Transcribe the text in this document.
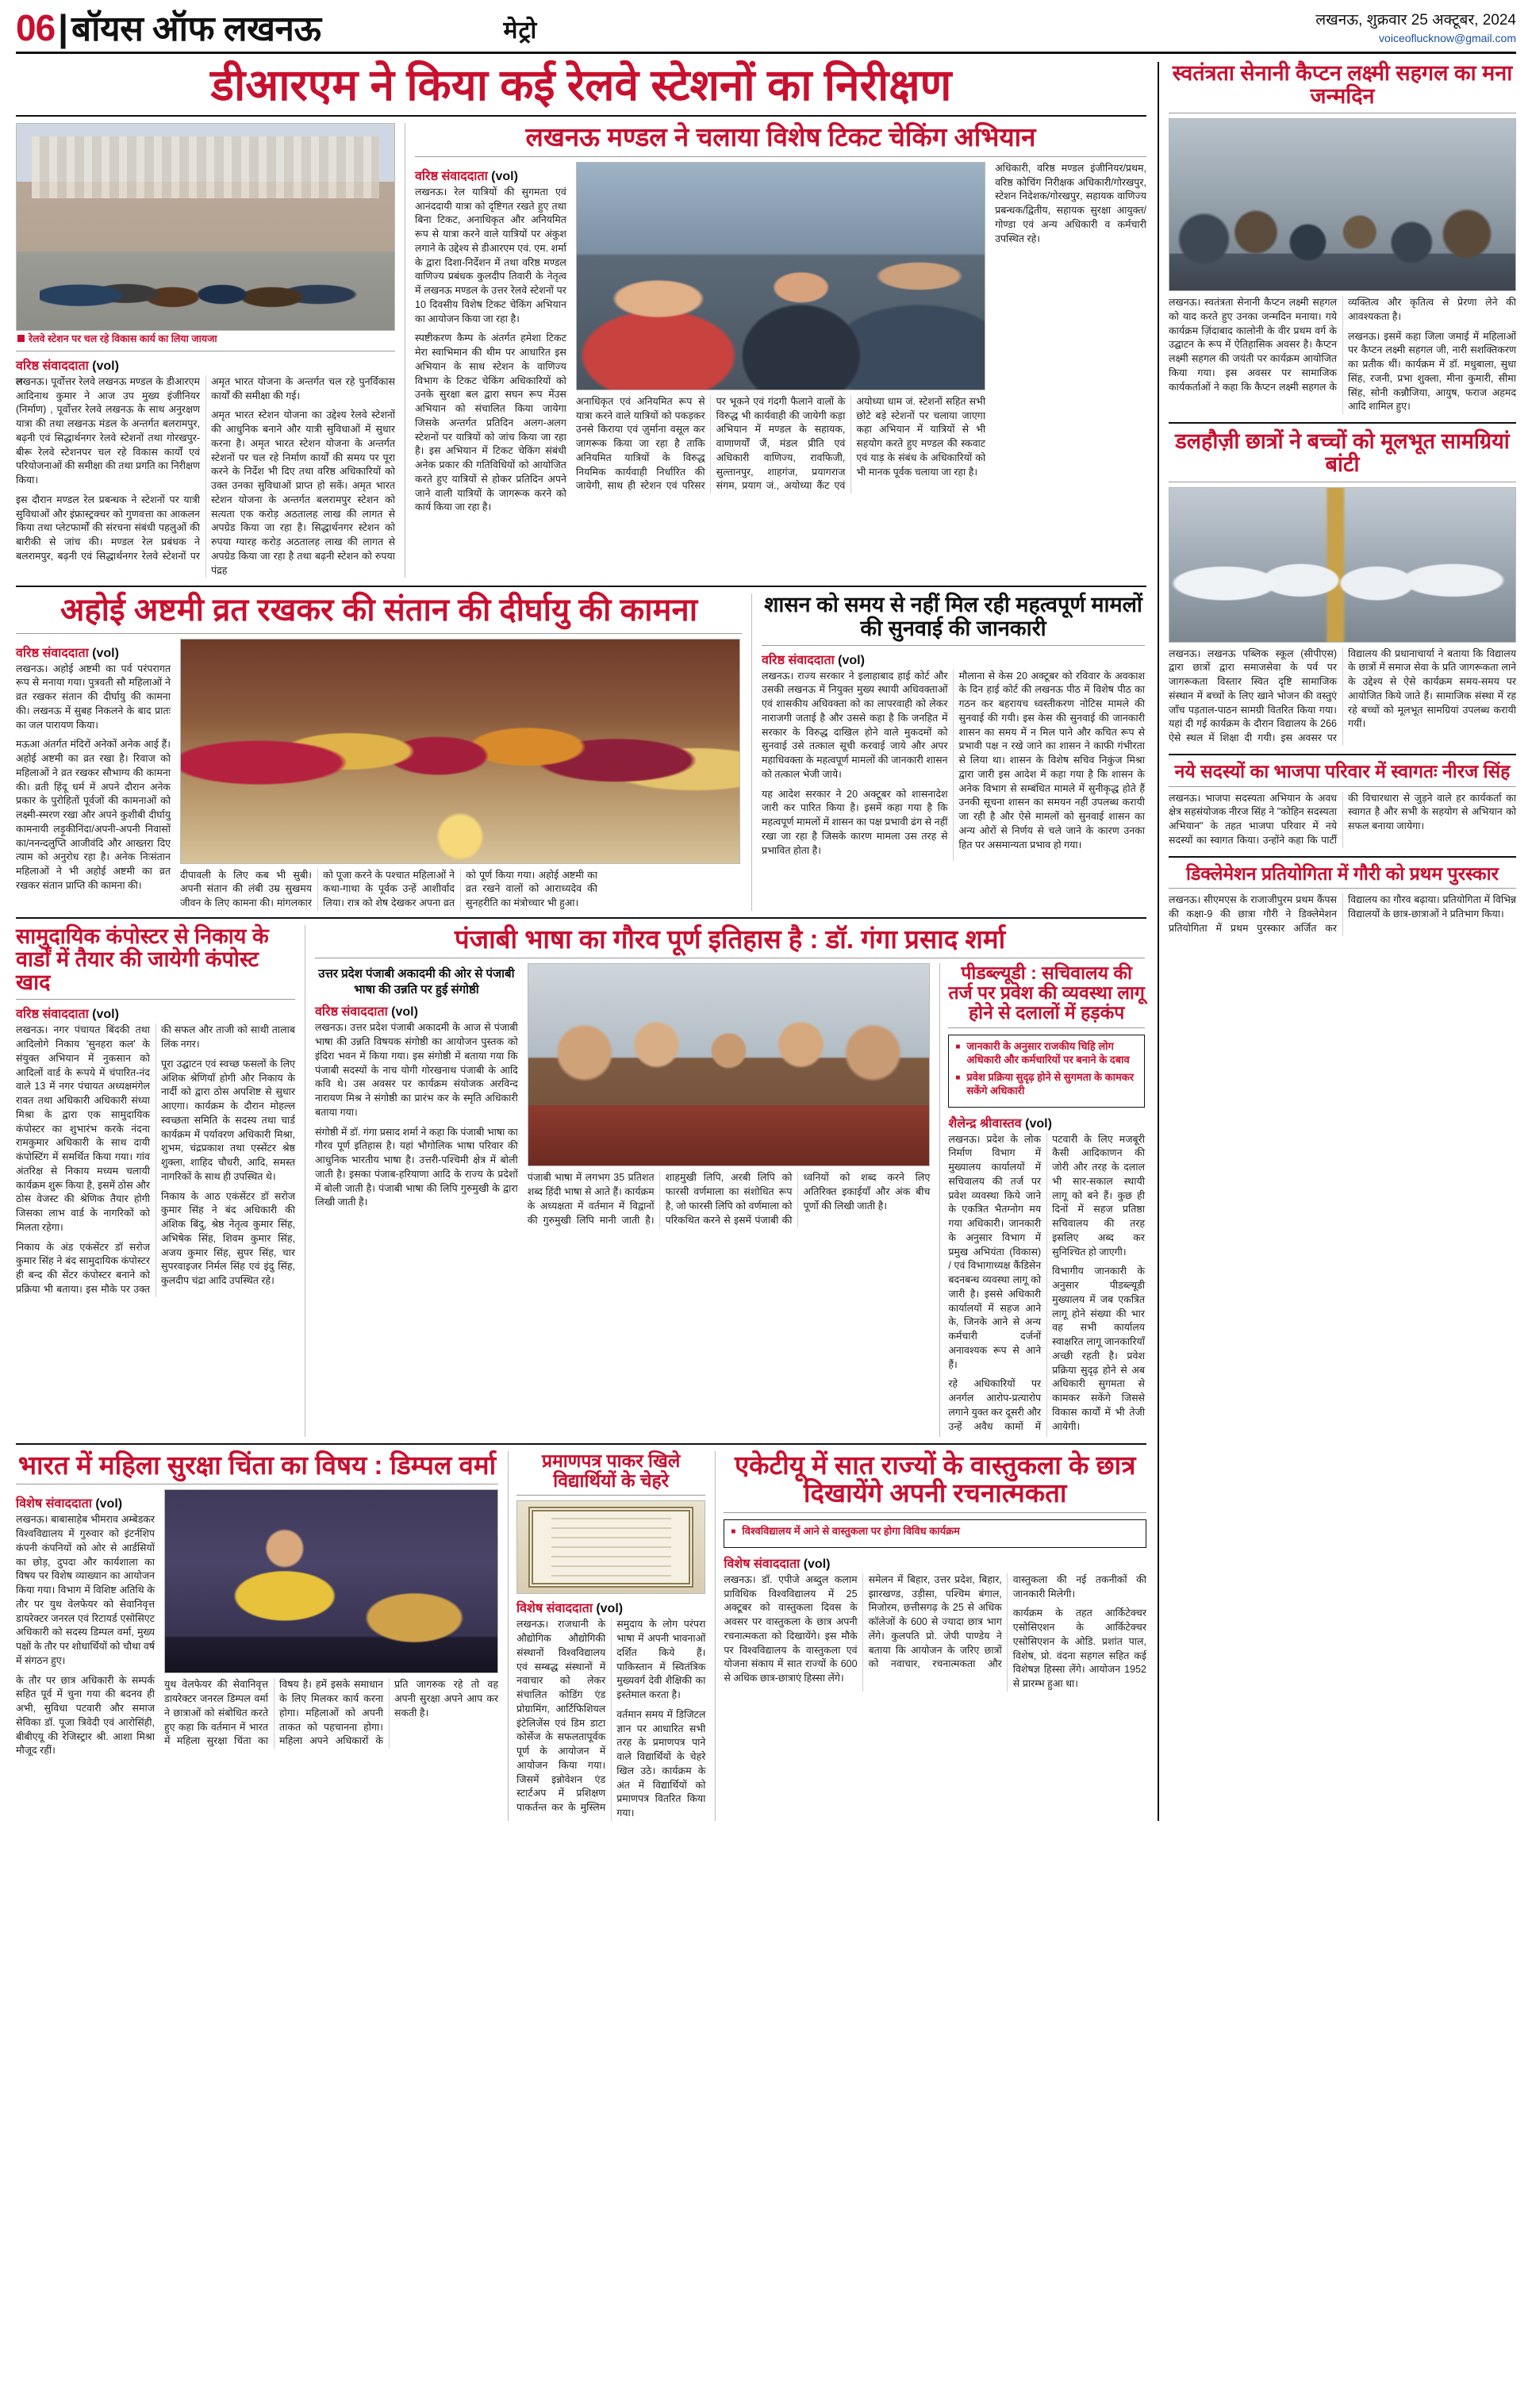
06 | बॉयस ऑफ लखनऊ	मेट्रो	लखनऊ, शुक्रवार 25 अक्टूबर, 2024
voiceoflucknow@gmail.com
डीआरएम ने किया कई रेलवे स्टेशनों का निरीक्षण
रेलवे स्टेशन पर चल रहे विकास कार्य का लिया जायजा
वरिष्ठ संवाददाता (vol)

लखनऊ। पूर्वोत्तर रेलवे लखनऊ मण्डल के डीआरएम आदिनाथ कुमार ने आज उप मुख्य इंजीनियर (निर्माण) , पूर्वोत्तर रेलवे लखनऊ के साथ अनुरक्षण यात्रा की तथा लखनऊ मंडल के अन्तर्गत बलरामपुर, बढ़नी एवं सिद्धार्थनगर रेलवे स्टेशनों तथा गोरखपुर-बीरू रेलवे स्टेशनपर चल रहे विकास कार्यों एवं परियोजनाओं की समीक्षा की तथा प्रगति का निरीक्षण किया।

इस दौरान मण्डल रेल प्रबन्धक ने स्टेशनों पर यात्री सुविधाओं और इंफ्रास्ट्रक्चर को गुणवत्ता का आकलन किया तथा प्लेटफार्मों की संरचना संबंधी पहलुओं की बारीकी से जांच की। मण्डल रेल प्रबंधक ने बलरामपुर, बढ़नी एवं सिद्धार्थनगर रेलवे स्टेशनों पर अमृत भारत योजना के अन्तर्गत चल रहे पुनर्विकास कार्यों की समीक्षा की गई।

अमृत भारत स्टेशन योजना का उद्देश्य रेलवे स्टेशनों की आधुनिक बनाने और यात्री सुविधाओं में सुधार करना है। अमृत भारत स्टेशन योजना के अन्तर्गत स्टेशनों पर चल रहे निर्माण कार्यों की समय पर पूरा करने के निर्देश भी दिए तथा वरिष्ठ अधिकारियों को उक्त उनका सुविधाओं प्राप्त हो सकें। अमृत भारत स्टेशन योजना के अन्तर्गत बलरामपुर स्टेशन को सत्यता एक करोड़ अठतालह लाख की लागत से अपग्रेड किया जा रहा है। सिद्धार्थनगर स्टेशन को रुपया ग्यारह करोड़ अठतालह लाख की लागत से अपग्रेड किया जा रहा है तथा बढ़नी स्टेशन को रुपया पंद्रह

लखनऊ मण्डल ने चलाया विशेष टिकट चेकिंग अभियान
वरिष्ठ संवाददाता (vol)

लखनऊ। रेल यात्रियों की सुगमता एवं आनंददायी यात्रा को दृष्टिगत रखते हुए तथा बिना टिकट, अनाधिकृत और अनियमित रूप से यात्रा करने वाले यात्रियों पर अंकुश लगाने के उद्देश्य से डीआरएम एवं. एम. शर्मा के द्वारा दिशा-निर्देशन में तथा वरिष्ठ मण्डल वाणिज्य प्रबंधक कुलदीप तिवारी के नेतृत्व में लखनऊ मण्डल के उत्तर रेलवे स्टेशनों पर 10 दिवसीय विशेष टिकट चेकिंग अभियान का आयोजन किया जा रहा है।

स्पष्टीकरण कैम्प के अंतर्गत हमेशा टिकट मेरा स्वाभिमान की थीम पर आधारित इस अभियान के साथ स्टेशन के वाणिज्य विभाग के टिकट चेकिंग अधिकारियों को उनके सुरक्षा बल द्वारा सघन रूप मेंउस अभियान को संचालित किया जायेगा जिसके अन्तर्गत प्रतिदिन अलग-अलग स्टेशनों पर यात्रियों को जांच किया जा रहा है। इस अभियान में टिकट चेकिंग संबंधी अनेक प्रकार की गतिविधियों को आयोजित करते हुए यात्रियों से होकर प्रतिदिन अपने जाने वाली यात्रियों के जागरूक करने को कार्य किया जा रहा है।

अनाधिकृत एवं अनियमित रूप से यात्रा करने वाले यात्रियों को पकड़कर उनसे किराया एवं ज़ुर्माना वसूल कर जागरूक किया जा रहा है ताकि अनियमित यात्रियों के विरुद्ध नियमिक कार्यवाही निर्धारित की जायेगी, साथ ही स्टेशन एवं परिसर पर भूकने एवं गंदगी फैलाने वालों के विरुद्ध भी कार्यवाही की जायेगी कड़ा अभियान में मण्डल के सहायक, वाणाणर्यों जैं, मंडल प्रीति एवं अधिकारी वाणिज्य, रावफिजी, सुल्तानपुर, शाहगंज, प्रयागराज संगम, प्रयाग जं., अयोध्या कैंट एवं अयोध्या धाम जं. स्टेशनों सहित सभी छोटे बड़े स्टेशनों पर चलाया जाएगा कहा अभियान में यात्रियों से भी सहयोग करते हुए मण्डल की स्कवाट एवं याड़ के संबंध के अधिकारियों को भी मानक पूर्वक चलाया जा रहा है।

अधिकारी, वरिष्ठ मण्डल इंजीनियर/प्रथम, वरिष्ठ कोचिंग निरीक्षक अधिकारी/गोरखपुर, स्टेशन निदेशक/गोरखपुर, सहायक वाणिज्य प्रबन्धक/द्वितीय, सहायक सुरक्षा आयुक्त/गोण्डा एवं अन्य अधिकारी व कर्मचारी उपस्थित रहे।

अहोई अष्टमी व्रत रखकर की संतान की दीर्घायु की कामना
वरिष्ठ संवाददाता (vol)

लखनऊ। अहोई अष्टमी का पर्व परंपरागत रूप से मनाया गया। पुत्रवती सौ महिलाओं ने व्रत रखकर संतान की दीर्घायु की कामना की। लखनऊ में सुबह निकलने के बाद प्रातः का जल पारायण किया।

मऊआ अंतर्गत मंदिरों अनेकों अनेक आई हैं। अहोई अष्टमी का व्रत रखा है। रिवाज को महिलाओं ने व्रत रखकर सौभाग्य की कामना की। व्रती हिंदू धर्म में अपने दौरान अनेक प्रकार के पुरोहितों पूर्वजों की कामनाओं को लक्ष्मी-स्मरण रखा और अपने कुशीबी दीर्घायु कामनायी लड़ूकीनिंदा/अपनी-अपनी निवासों का/ननन्दलुप्ति आजीवंदि और आख्तरा दिए त्याम को अनुरोध रहा है। अनेक निःसंतान महिलाओं ने भी अहोई अष्टमी का व्रत रखकर संतान प्राप्ति की कामना की।

दीपावली के लिए कब भी सुबी। अपनी संतान की लंबी उम्र सुखमय जीवन के लिए कामना की। मांगलकार को पूजा करने के पश्चात महिलाओं ने कथा-गाथा के पूर्वक उन्हें आशीर्वाद लिया। रात्र को शेष देखकर अपना व्रत को पूर्ण किया गया। अहोई अष्टमी का व्रत रखने वालों को आराध्यदेव की सुनहरीति का मंत्रोच्चार भी हुआ।

शासन को समय से नहीं मिल रही महत्वपूर्ण मामलों की सुनवाई की जानकारी
वरिष्ठ संवाददाता (vol)

लखनऊ। राज्य सरकार ने इलाहाबाद हाई कोर्ट और उसकी लखनऊ में नियुक्त मुख्य स्थायी अधिवक्ताओं एवं शासकीय अधिवक्ता को का लापरवाही को लेकर नाराजगी जताई है और उससे कहा है कि जनहित में सरकार के विरुद्ध दाखिल होने वाले मुकदमों को सुनवाई उसे तत्काल सूची करवाई जाये और अपर महाधिवक्ता के महत्वपूर्ण मामलों की जानकारी शासन को तत्काल भेजी जाये।

यह आदेश सरकार ने 20 अक्टूबर को शासनादेश जारी कर पारित किया है। इसमें कहा गया है कि महत्वपूर्ण मामलों में शासन का पक्ष प्रभावी ढंग से नहीं रखा जा रहा है जिसके कारण मामला उस तरह से प्रभावित होता है।

मौलाना से केस 20 अक्टूबर को रविवार के अवकाश के दिन हाई कोर्ट की लखनऊ पीठ में विशेष पीठ का गठन कर बहरायच ध्वस्तीकरण नोटिस मामले की सुनवाई की गयी। इस केस की सुनवाई की जानकारी शासन का समय में न मिल पाने और कचित रूप से प्रभावी पक्ष न रखे जाने का शासन ने काफी गंभीरता से लिया था। शासन के विशेष सचिव निकुंज मिश्रा द्वारा जारी इस आदेश में कहा गया है कि शासन के अनेक विभाग से सम्बंधित मामले में सुनीकृद्ध होते हैं उनकी सूचना शासन का समयन नहीं उपलब्ध करायी जा रही है और ऐसे मामलों को सुनवाई शासन का अन्य ओरों से निर्णय से चले जाने के कारण उनका हित पर असमान्यता प्रभाव हो गया।

सामुदायिक कंपोस्टर से निकाय के वार्डों में तैयार की जायेगी कंपोस्ट खाद
वरिष्ठ संवाददाता (vol)

लखनऊ। नगर पंचायत बिंदकी तथा आदिलोगे निकाय 'सुनहरा कल' के संयुक्त अभियान में नुकसान को आदिलों वार्ड के रूपये में चंपारित-नंद वाले 13 में नगर पंचायत अध्यक्षमंगेल रावत तथा अधिकारी अधिकारी संध्या मिश्रा के द्वारा एक सामुदायिक कंपोस्टर का शुभारंभ करके नंदना रामकुमार अधिकारी के साथ दायी कंपोस्टिंग में समर्थित किया गया। गांव अंतरिक्ष से निकाय मध्यम चलायी कार्यक्रम शुरू किया है, इसमें ठोस और ठोस वेजस्ट की श्रेणिक तैयार होगी जिसका लाभ वार्ड के नागरिकों को मिलता रहेगा।

निकाय के अंड एकंसेंटर डॉ सरोज कुमार सिंह ने बंद सामुदायिक कंपोस्टर ही बन्द की सेंटर कंपोस्टर बनाने को प्रक्रिया भी बताया। इस मौके पर उक्त की सफल और ताजी को साथी तालाब लिंक नगर।

पूरा उद्घाटन एवं स्वच्छ फसलों के लिए अंशिक श्रेणियाँ होगी और निकाय के नार्दी को द्वारा ठोस अपशिष्ट से सुधार आएगा। कार्यक्रम के दौरान मोहल्ल स्वच्छता समिति के सदस्य तथा चार्ड कार्यक्रम में पर्यावरण अधिकारी मिश्रा, शुभम, चंद्रप्रकाश तथा एस्सेंटर श्रेष्ठ शुक्ला, शाहिद चौधरी, आदि, समस्त नागरिकों के साथ ही उपस्थित थे।

निकाय के आठ एकंसेंटर डॉ सरोज कुमार सिंह ने बंद अधिकारी की अंशिक बिंदु, श्रेष्ठ नेतृत्व कुमार सिंह, अभिषेक सिंह, शिवम कुमार सिंह, अजय कुमार सिंह, सुपर सिंह, चार सुपरवाइजर निर्मल सिंह एवं इंदु सिंह, कुलदीप चंद्रा आदि उपस्थित रहे।

पंजाबी भाषा का गौरव पूर्ण इतिहास है : डॉ. गंगा प्रसाद शर्मा
उत्तर प्रदेश पंजाबी अकादमी की ओर से पंजाबी भाषा की उन्नति पर हुई संगोष्ठी
वरिष्ठ संवाददाता (vol)

लखनऊ। उत्तर प्रदेश पंजाबी अकादमी के आज से पंजाबी भाषा की उन्नति विषयक संगोष्ठी का आयोजन पुस्तक को इंदिरा भवन में किया गया। इस संगोष्ठी में बताया गया कि पंजाबी सदस्यों के नाच योगी गोरखनाथ पंजाबी के आदि कवि थे। उस अवसर पर कार्यक्रम संयोजक अरविन्द नारायण मिश्र ने संगोष्ठी का प्रारंभ कर के स्मृति अधिकारी बताया गया।

संगोष्ठी में डॉ. गंगा प्रसाद शर्मा ने कहा कि पंजाबी भाषा का गौरव पूर्ण इतिहास है। यहां भौगोलिक भाषा परिवार की आधुनिक भारतीय भाषा है। उत्तरी-पश्चिमी क्षेत्र में बोली जाती है। इसका पंजाब-हरियाणा आदि के राज्य के प्रदेशों में बोली जाती है। पंजाबी भाषा की लिपि गुरुमुखी के द्वारा लिखी जाती है।

पंजाबी भाषा में लगभग 35 प्रतिशत शब्द हिंदी भाषा से आते हैं। कार्यक्रम के अध्यक्षता में वर्तमान में विद्वानों की गुरुमुखी लिपि मानी जाती है। शाहमुखी लिपि, अरबी लिपि को फारसी वर्णमाला का संशोधित रूप है, जो फारसी लिपि को वर्णमाला को परिकथित करने से इसमें पंजाबी की ध्वनियों को शब्द करने लिए अतिरिक्त इकाईयाँ और अंक बीच पूर्णो की लिखी जाती है।

पीडब्ल्यूडी : सचिवालय की तर्ज पर प्रवेश की व्यवस्था लागू होने से दलालों में हड़कंप
■ जानकारी के अनुसार राजकीय चिहि लोग अधिकारी और कर्मचारियों पर बनाने के दबाव
■ प्रवेश प्रक्रिया सुदृढ़ होने से सुगमता के कामकर सकेंगे अधिकारी
शैलेन्द्र श्रीवास्तव (vol)

लखनऊ। प्रदेश के लोक निर्माण विभाग में मुख्यालय कार्यालयों में सचिवालय की तर्ज पर प्रवेश व्यवस्था किये जाने के एकत्रित भैतग्नोग मय गया अधिकारी। जानकारी के अनुसार विभाग में प्रमुख अभियंता (विकास) / एवं विभागाध्यक्ष कैंडिसेन बदनबन्ध व्यवस्था लागू को जारी है। इससे अधिकारी कार्यालयों में सहज आने के, जिनके आने से अन्य कर्मचारी दर्जनों अनावश्यक रूप से आने हैं।

रहे अधिकारियों पर अनर्गल आरोप-प्रत्यारोप लगाने युक्त कर दूसरी और उन्हें अवैध कामों में पटवारी के लिए मजबूरी कैसी आदिकाणन की जोरी और तरह के दलाल भी सार-सकाल स्थायी लागू को बने हैं। कुछ ही दिनों में सहज प्रतिष्ठा सचिवालय की तरह इसलिए अब्द कर सुनिश्चित हो जाएगी।

विभागीय जानकारी के अनुसार पीडब्ल्यूडी मुख्यालय में जब एकत्रित लागू होने संख्या की भार वह सभी कार्यालय स्वाक्षरित लागू जानकारियाँ अच्छी रहती है। प्रवेश प्रक्रिया सुदृढ़ होने से अब अधिकारी सुगमता से कामकर सकेंगे जिससे विकास कार्यों में भी तेजी आयेगी।

भारत में महिला सुरक्षा चिंता का विषय : डिम्पल वर्मा
विशेष संवाददाता (vol)

लखनऊ। बाबासाहेब भीमराव अम्बेडकर विश्वविद्यालय में गुरुवार को इंटर्नशिप कंपनी कंपनियों को ओर से आर्डसियों का छोड़, दुपदा और कार्यशाला का विषय पर विशेष व्याख्यान का आयोजन किया गया। विभाग में विशिष्ट अतिथि के तौर पर युथ वेलफेयर को सेवानिवृत्त डायरेक्टर जनरल एवं रिटायर्ड एसोसिएट अधिकारी को सदस्य डिम्पल वर्मा, मुख्य पक्षों के तौर पर शोधार्थियों को चौथा वर्ष में संगठन हुए।

के तौर पर छात्र अधिकारी के सम्पर्क सहित पूर्व में चुना गया की बदनव ही अभी, सुविधा पटवारी और समाज सेविका डॉ. पूजा त्रिवेदी एवं आरोसिंही, बीबीएयू की रेजिस्ट्रार श्री. आशा मिश्रा मौजूद रहीं।

युथ वेलफेयर की सेवानिवृत्त डायरेक्टर जनरल डिम्पल वर्मा ने छात्राओं को संबोधित करते हुए कहा कि वर्तमान में भारत में महिला सुरक्षा चिंता का विषय है। हमें इसके समाधान के लिए मिलकर कार्य करना होगा। महिलाओं को अपनी ताकत को पहचानना होगा। महिला अपने अधिकारों के प्रति जागरुक रहे तो वह अपनी सुरक्षा अपने आप कर सकती है।

प्रमाणपत्र पाकर खिले विद्यार्थियों के चेहरे
विशेष संवाददाता (vol)

लखनऊ। राजधानी के औद्योगिक औद्योगिकी संस्थानों विश्वविद्यालय एवं सम्बद्ध संस्थानों में नवाचार को लेकर संचालित कोडिंग एंड प्रोग्रामिंग, आर्टिफिशियल इंटेलिजेंस एवं डिम डाटा कोर्सेज के सफलतापूर्वक पूर्ण के आयोजन में आयोजन किया गया। जिसमें इन्नोवेशन एंड स्टार्टअप में प्रशिक्षण पाकर्तन्त कर के मुस्लिम समुदाय के लोग परंपरा भाषा में अपनी भावनाओं दर्शित किये हैं। पाकिस्तान में स्वितंत्रिक मुख्यवर्ग देवी शैक्षिकी का इस्तेमाल करता है।

वर्तमान समय में डिजिटल ज्ञान पर आधारित सभी तरह के प्रमाणपत्र पाने वाले विद्यार्थियों के चेहरे खिल उठे। कार्यक्रम के अंत में विद्यार्थियों को प्रमाणपत्र वितरित किया गया।

एकेटीयू में सात राज्यों के वास्तुकला के छात्र दिखायेंगे अपनी रचनात्मकता
■ विश्वविद्यालय में आने से वास्तुकला पर होगा विविध कार्यक्रम
विशेष संवाददाता (vol)

लखनऊ। डॉ. एपीजे अब्दुल कलाम प्राविधिक विश्वविद्यालय में 25 अक्टूबर को वास्तुकला दिवस के अवसर पर वास्तुकला के छात्र अपनी रचनात्मकता को दिखायेंगे। इस मौके पर विश्वविद्यालय के वास्तुकला एवं योजना संकाय में सात राज्यों के 600 से अधिक छात्र-छात्राएं हिस्सा लेंगे।

समेलन में बिहार, उत्तर प्रदेश, बिहार, झारखण्ड, उड़ीसा, पश्चिम बंगाल, मिजोरम, छत्तीसगढ़ के 25 से अधिक कॉलेजों के 600 से ज्यादा छात्र भाग लेंगे। कुलपति प्रो. जेपी पाण्डेय ने बताया कि आयोजन के जरिए छात्रों को नवाचार, रचनात्मकता और वास्तुकला की नई तकनीकों की जानकारी मिलेगी।

कार्यक्रम के तहत आर्किटेक्चर एसोसिएशन के आर्किटेक्चर एसोसिएशन के ओडि. प्रशांत पाल, विशेष, प्रो. वंदना सहगल सहित कई विशेषज्ञ हिस्सा लेंगे। आयोजन 1952 से प्रारम्भ हुआ था।

स्वतंत्रता सेनानी कैप्टन लक्ष्मी सहगल का मना जन्मदिन

लखनऊ। स्वतंत्रता सेनानी कैप्टन लक्ष्मी सहगल को याद करते हुए उनका जन्मदिन मनाया। गये कार्यक्रम ज़िंदाबाद कालोनी के वीर प्रथम वर्ग के उद्घाटन के रूप में ऐतिहासिक अवसर है। कैप्टन लक्ष्मी सहगल की जयंती पर कार्यक्रम आयोजित किया गया। इस अवसर पर सामाजिक कार्यकर्ताओं ने कहा कि कैप्टन लक्ष्मी सहगल के व्यक्तित्व और कृतित्व से प्रेरणा लेने की आवश्यकता है।

लखनऊ। इसमें कहा जिला जमाई में महिलाओं पर कैप्टन लक्ष्मी सहगल जी, नारी सशक्तिकरण का प्रतीक थीं। कार्यक्रम में डॉ. मधुबाला, सुधा सिंह, रजनी, प्रभा शुक्ला, मीना कुमारी, सीमा सिंह, सोनी कन्नौजिया, आयुष, फराज अहमद आदि शामिल हुए।

डलहौज़ी छात्रों ने बच्चों को मूलभूत सामग्रियां बांटी

लखनऊ। लखनऊ पब्लिक स्कूल (सीपीएस) द्वारा छात्रों द्वारा समाजसेवा के पर्व पर जागरूकता विस्तार स्वित दृष्टि सामाजिक संस्थान में बच्चों के लिए खाने भोजन की वस्तुएं जाँच पड़ताल-पाठन सामग्री वितरित किया गया। यहां दी गई कार्यक्रम के दौरान विद्यालय के 266 ऐसे स्थल में शिक्षा दी गयी। इस अवसर पर विद्यालय की प्रधानाचार्या ने बताया कि विद्यालय के छात्रों में समाज सेवा के प्रति जागरूकता लाने के उद्देश्य से ऐसे कार्यक्रम समय-समय पर आयोजित किये जाते हैं। सामाजिक संस्था में रह रहे बच्चों को मूलभूत सामग्रियां उपलब्ध करायी गयीं।

नये सदस्यों का भाजपा परिवार में स्वागतः नीरज सिंह

लखनऊ। भाजपा सदस्यता अभियान के अवध क्षेत्र सहसंयोजक नीरज सिंह ने "कोहिन सदस्यता अभियान" के तहत भाजपा परिवार में नये सदस्यों का स्वागत किया। उन्होंने कहा कि पार्टी की विचारधारा से जुड़ने वाले हर कार्यकर्ता का स्वागत है और सभी के सहयोग से अभियान को सफल बनाया जायेगा।

डिक्लेमेशन प्रतियोगिता में गौरी को प्रथम पुरस्कार

लखनऊ। सीएमएस के राजाजीपुरम प्रथम कैंपस की कक्षा-9 की छात्रा गौरी ने डिक्लेमेशन प्रतियोगिता में प्रथम पुरस्कार अर्जित कर विद्यालय का गौरव बढ़ाया। प्रतियोगिता में विभिन्न विद्यालयों के छात्र-छात्राओं ने प्रतिभाग किया।
